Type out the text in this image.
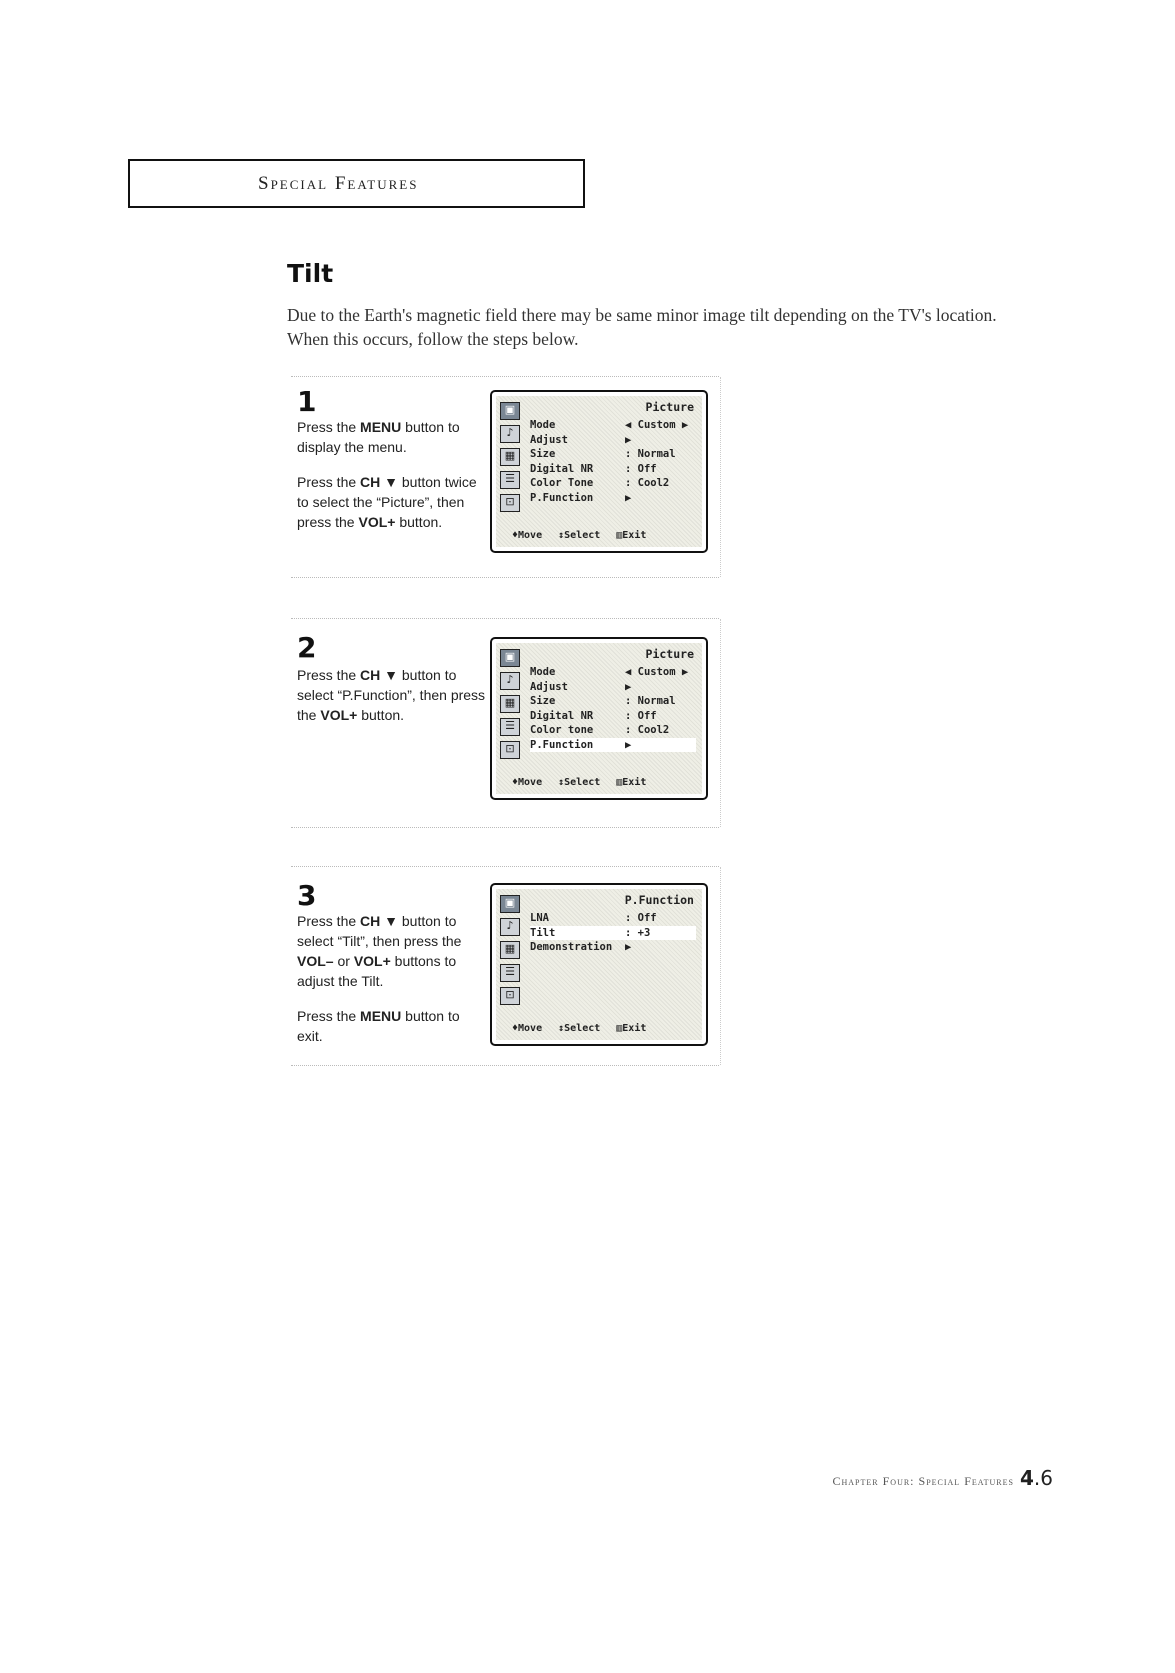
Special Features
Tilt

Due to the Earth's magnetic field there may be same minor image tilt depending on the TV's location. When this occurs, follow the steps below.

1

Press the MENU button to display the menu.

Press the CH ▼ button twice to select the “Picture”, then press the VOL+ button.

▣
♪
▦
☰
⊡
Picture
Mode	◀ Custom ▶
Adjust	▶
Size	: Normal
Digital NR	: Off
Color Tone	: Cool2
P.Function	▶
♦Move ↕Select ▥Exit
2

Press the CH ▼ button to select “P.Function”, then press the VOL+ button.

▣
♪
▦
☰
⊡
Picture
Mode	◀ Custom ▶
Adjust	▶
Size	: Normal
Digital NR	: Off
Color tone	: Cool2
P.Function	▶
♦Move ↕Select ▥Exit
3

Press the CH ▼ button to select “Tilt”, then press the VOL– or VOL+ buttons to adjust the Tilt.

Press the MENU button to exit.

▣
♪
▦
☰
⊡
P.Function
LNA	: Off
Tilt	: +3
Demonstration	▶
♦Move ↕Select ▥Exit
Chapter Four: Special Features 4.6
